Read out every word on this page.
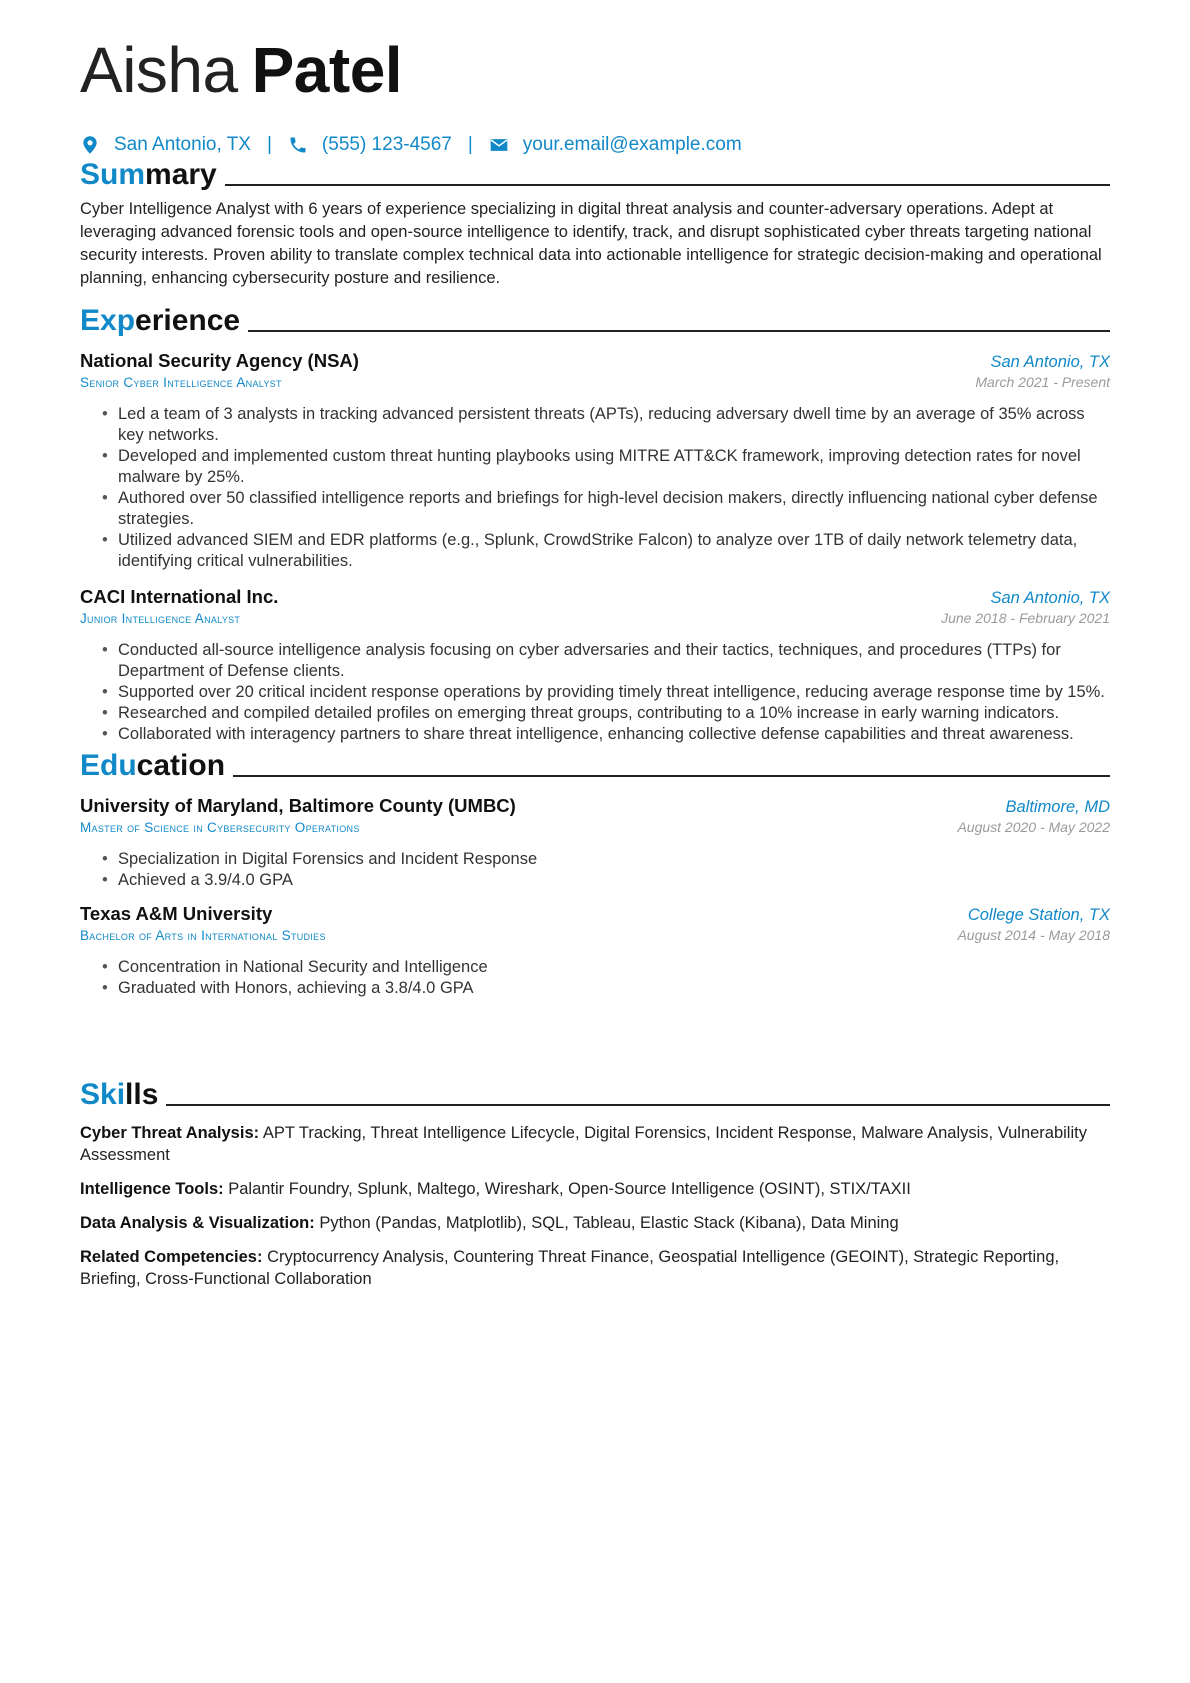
Aisha Patel
San Antonio, TX |	(555) 123-4567 |	your.email@example.com
Summary
Cyber Intelligence Analyst with 6 years of experience specializing in digital threat analysis and counter-adversary operations. Adept at leveraging advanced forensic tools and open-source intelligence to identify, track, and disrupt sophisticated cyber threats targeting national security interests. Proven ability to translate complex technical data into actionable intelligence for strategic decision-making and operational planning, enhancing cybersecurity posture and resilience.
Experience
National Security Agency (NSA)	San Antonio, TX
Senior Cyber Intelligence Analyst	March 2021 - Present
• Led a team of 3 analysts in tracking advanced persistent threats (APTs), reducing adversary dwell time by an average of 35% across key networks.
• Developed and implemented custom threat hunting playbooks using MITRE ATT&CK framework, improving detection rates for novel malware by 25%.
• Authored over 50 classified intelligence reports and briefings for high-level decision makers, directly influencing national cyber defense strategies.
• Utilized advanced SIEM and EDR platforms (e.g., Splunk, CrowdStrike Falcon) to analyze over 1TB of daily network telemetry data, identifying critical vulnerabilities.
CACI International Inc.	San Antonio, TX
Junior Intelligence Analyst	June 2018 - February 2021
• Conducted all-source intelligence analysis focusing on cyber adversaries and their tactics, techniques, and procedures (TTPs) for Department of Defense clients.
• Supported over 20 critical incident response operations by providing timely threat intelligence, reducing average response time by 15%.
• Researched and compiled detailed profiles on emerging threat groups, contributing to a 10% increase in early warning indicators.
• Collaborated with interagency partners to share threat intelligence, enhancing collective defense capabilities and threat awareness.
Education
University of Maryland, Baltimore County (UMBC)	Baltimore, MD
Master of Science in Cybersecurity Operations	August 2020 - May 2022
• Specialization in Digital Forensics and Incident Response
• Achieved a 3.9/4.0 GPA
Texas A&M University	College Station, TX
Bachelor of Arts in International Studies	August 2014 - May 2018
• Concentration in National Security and Intelligence
• Graduated with Honors, achieving a 3.8/4.0 GPA
Skills
Cyber Threat Analysis: APT Tracking, Threat Intelligence Lifecycle, Digital Forensics, Incident Response, Malware Analysis, Vulnerability Assessment
Intelligence Tools: Palantir Foundry, Splunk, Maltego, Wireshark, Open-Source Intelligence (OSINT), STIX/TAXII
Data Analysis & Visualization: Python (Pandas, Matplotlib), SQL, Tableau, Elastic Stack (Kibana), Data Mining
Related Competencies: Cryptocurrency Analysis, Countering Threat Finance, Geospatial Intelligence (GEOINT), Strategic Reporting, Briefing, Cross-Functional Collaboration
